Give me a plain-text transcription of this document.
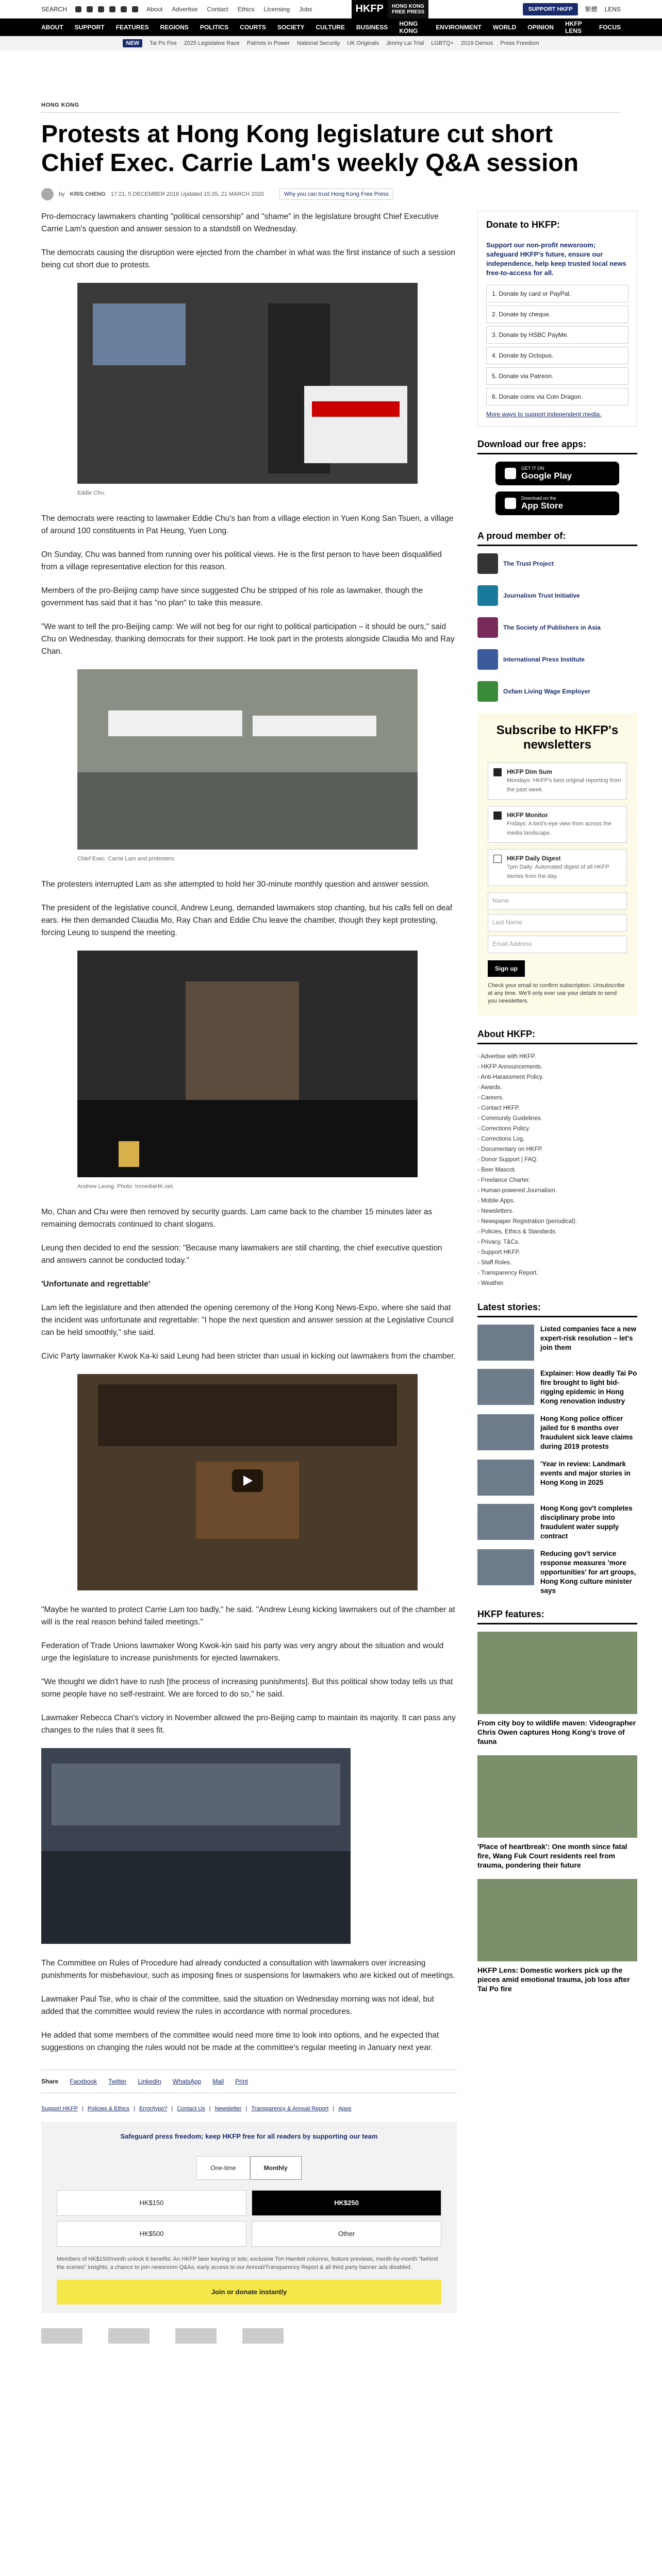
SEARCH	About Advertise Contact Ethics Licensing Jobs	HKFP	HONG KONG
FREE PRESS	SUPPORT HKFP	繁體 LENS
ABOUT SUPPORT FEATURES REGIONS POLITICS COURTS SOCIETY CULTURE BUSINESS HONG KONG	ENVIRONMENT WORLD OPINION HKFP LENS	FOCUS
NEW	Tai Po Fire 2025 Legislative Race Patriots in Power National Security UK Originals Jimmy Lai Trial LGBTQ+ 2019 Demos Press Freedom
HONG KONG
Protests at Hong Kong legislature cut short Chief Exec. Carrie Lam's weekly Q&A session
by KRIS CHENG 17:21, 5 DECEMBER 2018 Updated 15:35, 21 MARCH 2020	Why you can trust Hong Kong Free Press

Pro-democracy lawmakers chanting "political censorship" and "shame" in the legislature brought Chief Executive Carrie Lam's question and answer session to a standstill on Wednesday.

The democrats causing the disruption were ejected from the chamber in what was the first instance of such a session being cut short due to protests.

Eddie Chu.

The democrats were reacting to lawmaker Eddie Chu's ban from a village election in Yuen Kong San Tsuen, a village of around 100 constituents in Pat Heung, Yuen Long.

On Sunday, Chu was banned from running over his political views. He is the first person to have been disqualified from a village representative election for this reason.

Members of the pro-Beijing camp have since suggested Chu be stripped of his role as lawmaker, though the government has said that it has "no plan" to take this measure.

"We want to tell the pro-Beijing camp: We will not beg for our right to political participation – it should be ours," said Chu on Wednesday, thanking democrats for their support. He took part in the protests alongside Claudia Mo and Ray Chan.

Chief Exec. Carrie Lam and protesters.

The protesters interrupted Lam as she attempted to hold her 30-minute monthly question and answer session.

The president of the legislative council, Andrew Leung, demanded lawmakers stop chanting, but his calls fell on deaf ears. He then demanded Claudia Mo, Ray Chan and Eddie Chu leave the chamber, though they kept protesting, forcing Leung to suspend the meeting.

Andrew Leung. Photo: InmediaHK.net.

Mo, Chan and Chu were then removed by security guards. Lam came back to the chamber 15 minutes later as remaining democrats continued to chant slogans.

Leung then decided to end the session: "Because many lawmakers are still chanting, the chief executive question and answers cannot be conducted today."

'Unfortunate and regrettable'

Lam left the legislature and then attended the opening ceremony of the Hong Kong News-Expo, where she said that the incident was unfortunate and regrettable: "I hope the next question and answer session at the Legislative Council can be held smoothly," she said.

Civic Party lawmaker Kwok Ka-ki said Leung had been stricter than usual in kicking out lawmakers from the chamber.

"Maybe he wanted to protect Carrie Lam too badly," he said. "Andrew Leung kicking lawmakers out of the chamber at will is the real reason behind failed meetings."

Federation of Trade Unions lawmaker Wong Kwok-kin said his party was very angry about the situation and would urge the legislature to increase punishments for ejected lawmakers.

"We thought we didn't have to rush [the process of increasing punishments]. But this political show today tells us that some people have no self-restraint. We are forced to do so," he said.

Lawmaker Rebecca Chan's victory in November allowed the pro-Beijing camp to maintain its majority. It can pass any changes to the rules that it sees fit.

The Committee on Rules of Procedure had already conducted a consultation with lawmakers over increasing punishments for misbehaviour, such as imposing fines or suspensions for lawmakers who are kicked out of meetings.

Lawmaker Paul Tse, who is chair of the committee, said the situation on Wednesday morning was not ideal, but added that the committee would review the rules in accordance with normal procedures.

He added that some members of the committee would need more time to look into options, and he expected that suggestions on changing the rules would not be made at the committee's regular meeting in January next year.

Share Facebook Twitter LinkedIn WhatsApp Mail Print
Support HKFP | Policies & Ethics | Error/typo? | Contact Us | Newsletter | Transparency & Annual Report | Apps
Safeguard press freedom; keep HKFP free for all readers by supporting our team
One-time	Monthly
HK$150	HK$250
HK$500	Other
Members of HK$150/month unlock 6 benefits: An HKFP beer keyring or tote; exclusive Tim Hamlett columns, feature previews, month-by-month "behind the scenes" insights; a chance to join newsroom Q&As; early access to our Annual/Transparency Report & all third party banner ads disabled.
Join or donate instantly
Donate to HKFP:

Support our non-profit newsroom; safeguard HKFP's future, ensure our independence, help keep trusted local news free-to-access for all.

1. Donate by card or PayPal.
2. Donate by cheque.
3. Donate by HSBC PayMe.
4. Donate by Octopus.
5. Donate via Patreon.
6. Donate coins via Coin Dragon.
More ways to support independent media.
Download our free apps:
GET IT ON
Google Play
Download on the
App Store
A proud member of:
The Trust Project
Journalism Trust Initiative
The Society of Publishers in Asia
International Press Institute
Oxfam Living Wage Employer
Subscribe to HKFP's newsletters
HKFP Dim Sum
Mondays: HKFP's best original reporting from the past week.
HKFP Monitor
Fridays: A bird's-eye view from across the media landscape.
HKFP Daily Digest
7pm Daily: Automated digest of all HKFP stories from the day.
Name
Last Name
Email Address
Sign up
Check your email to confirm subscription. Unsubscribe at any time. We'll only ever use your details to send you newsletters.
About HKFP:
› Advertise with HKFP.
› HKFP Announcements.
› Anti-Harassment Policy.
› Awards.
› Careers.
› Contact HKFP.
› Community Guidelines.
› Corrections Policy.
› Corrections Log.
› Documentary on HKFP.
› Donor Support | FAQ.
› Beer Mascot.
› Freelance Charter.
› Human-powered Journalism.
› Mobile Apps.
› Newsletters.
› Newspaper Registration (periodical).
› Policies, Ethics & Standards.
› Privacy, T&Cs.
› Support HKFP.
› Staff Roles.
› Transparency Report.
› Weather.
Latest stories:
Listed companies face a new expert-risk resolution – let's join them
Explainer: How deadly Tai Po fire brought to light bid-rigging epidemic in Hong Kong renovation industry
Hong Kong police officer jailed for 6 months over fraudulent sick leave claims during 2019 protests
'Year in review: Landmark events and major stories in Hong Kong in 2025
Hong Kong gov't completes disciplinary probe into fraudulent water supply contract
Reducing gov't service response measures 'more opportunities' for art groups, Hong Kong culture minister says
HKFP features:
From city boy to wildlife maven: Videographer Chris Owen captures Hong Kong's trove of fauna
'Place of heartbreak': One month since fatal fire, Wang Fuk Court residents reel from trauma, pondering their future
HKFP Lens: Domestic workers pick up the pieces amid emotional trauma, job loss after Tai Po fire
